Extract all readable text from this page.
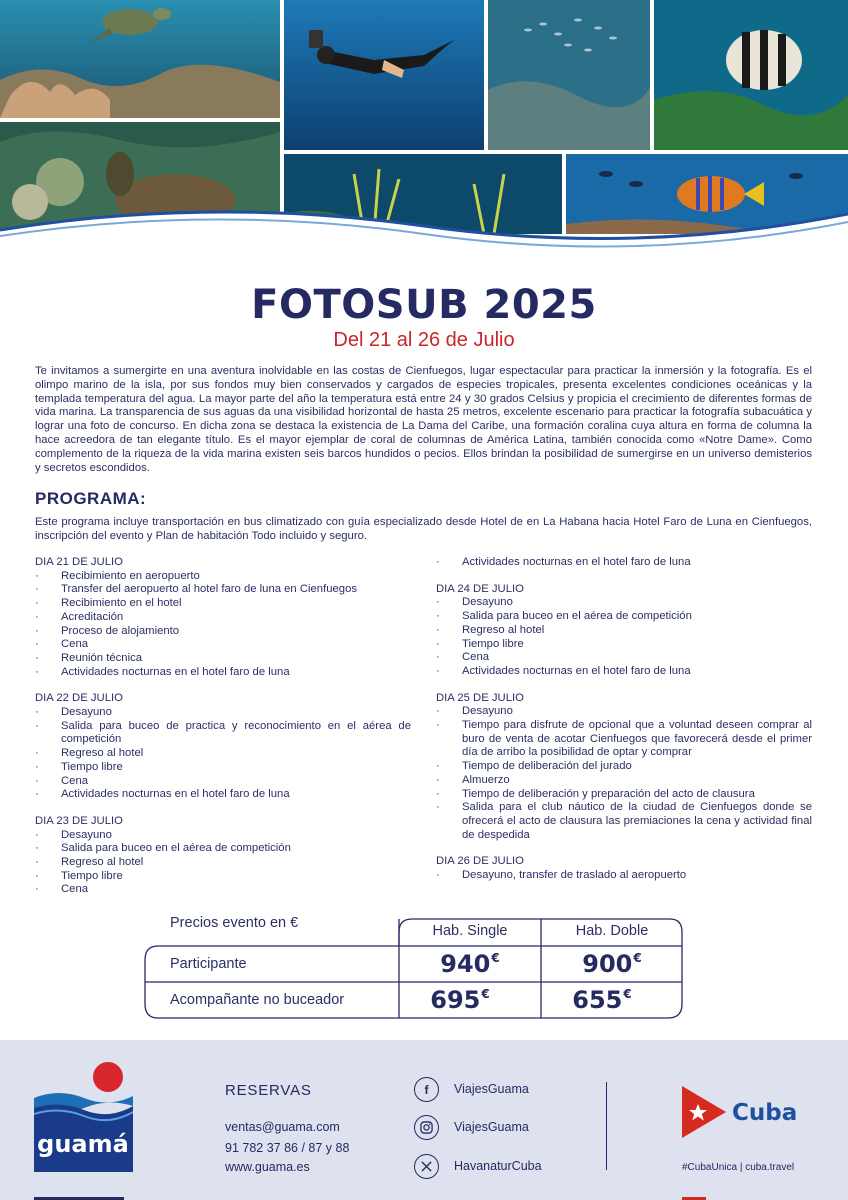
FOTOSUB 2025
Del 21 al 26 de Julio

Te invitamos a sumergirte en una aventura inolvidable en las costas de Cienfuegos, lugar espectacular para practicar la inmersión y la fotografía. Es el olimpo marino de la isla, por sus fondos muy bien conservados y cargados de especies tropicales, presenta excelentes condiciones oceánicas y la templada temperatura del agua. La mayor parte del año la temperatura está entre 24 y 30 grados Celsius y propicia el crecimiento de diferentes formas de vida marina. La transparencia de sus aguas da una visibilidad horizontal de hasta 25 metros, excelente escenario para practicar la fotografía subacuática y lograr una foto de concurso. En dicha zona se destaca la existencia de La Dama del Caribe, una formación coralina cuya altura en forma de columna la hace acreedora de tan elegante título. Es el mayor ejemplar de coral de columnas de América Latina, también conocida como «Notre Dame». Como complemento de la riqueza de la vida marina existen seis barcos hundidos o pecios. Ellos brindan la posibilidad de sumergirse en un universo demisterios y secretos escondidos.

PROGRAMA:

Este programa incluye transportación en bus climatizado con guía especializado desde Hotel de en La Habana hacia Hotel Faro de Luna en Cienfuegos, inscripción del evento y Plan de habitación Todo incluido y seguro.

DIA 21 DE JULIO
· Recibimiento en aeropuerto
· Transfer del aeropuerto al hotel faro de luna en Cienfuegos
· Recibimiento en el hotel
· Acreditación
· Proceso de alojamiento
· Cena
· Reunión técnica
· Actividades nocturnas en el hotel faro de luna
DIA 22 DE JULIO
· Desayuno
· Salida para buceo de practica y reconocimiento en el aérea de competición
· Regreso al hotel
· Tiempo libre
· Cena
· Actividades nocturnas en el hotel faro de luna
DIA 23 DE JULIO
· Desayuno
· Salida para buceo en el aérea de competición
· Regreso al hotel
· Tiempo libre
· Cena
· Actividades nocturnas en el hotel faro de luna
DIA 24 DE JULIO
· Desayuno
· Salida para buceo en el aérea de competición
· Regreso al hotel
· Tiempo libre
· Cena
· Actividades nocturnas en el hotel faro de luna
DIA 25 DE JULIO
· Desayuno
· Tiempo para disfrute de opcional que a voluntad deseen comprar al buro de venta de acotar Cienfuegos que favorecerá desde el primer día de arribo la posibilidad de optar y comprar
· Tiempo de deliberación del jurado
· Almuerzo
· Tiempo de deliberación y preparación del acto de clausura
· Salida para el club náutico de la ciudad de Cienfuegos donde se ofrecerá el acto de clausura las premiaciones la cena y actividad final de despedida
DIA 26 DE JULIO
· Desayuno, transfer de traslado al aeropuerto
Precios evento en €	Hab. Single	Hab. Doble
Participante	940€	900€
Acompañante no buceador	695€	655€
guamá
RESERVAS
ventas@guama.com
91 782 37 86 / 87 y 88
www.guama.es
f	ViajesGuama
ViajesGuama
HavanaturCuba
Cuba
#CubaUnica | cuba.travel
